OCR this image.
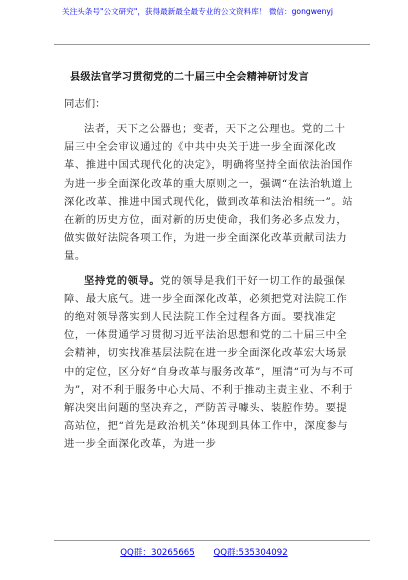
关注头条号"公文研究"，获得最新最全最专业的公文资料库！ 微信：gongwenyj
县级法官学习贯彻党的二十届三中全会精神研讨发言
同志们：

法者，天下之公器也；变者，天下之公理也。党的二十届三中全会审议通过的《中共中央关于进一步全面深化改革、推进中国式现代化的决定》，明确将坚持全面依法治国作为进一步全面深化改革的重大原则之一，强调“在法治轨道上深化改革、推进中国式现代化，做到改革和法治相统一”。站在新的历史方位，面对新的历史使命，我们务必多点发力，做实做好法院各项工作，为进一步全面深化改革贡献司法力量。

坚持党的领导。党的领导是我们干好一切工作的最强保障、最大底气。进一步全面深化改革，必须把党对法院工作的绝对领导落实到人民法院工作全过程各方面。要找准定位，一体贯通学习贯彻习近平法治思想和党的二十届三中全会精神，切实找准基层法院在进一步全面深化改革宏大场景中的定位，区分好“自身改革与服务改革”，厘清“可为与不可为”，对不利于服务中心大局、不利于推动主责主业、不利于解决突出问题的坚决弃之，严防苦寻噱头、装腔作势。要提高站位，把“首先是政治机关”体现到具体工作中，深度参与进一步全面深化改革，为进一步

QQ群：30265665 QQ群:535304092
